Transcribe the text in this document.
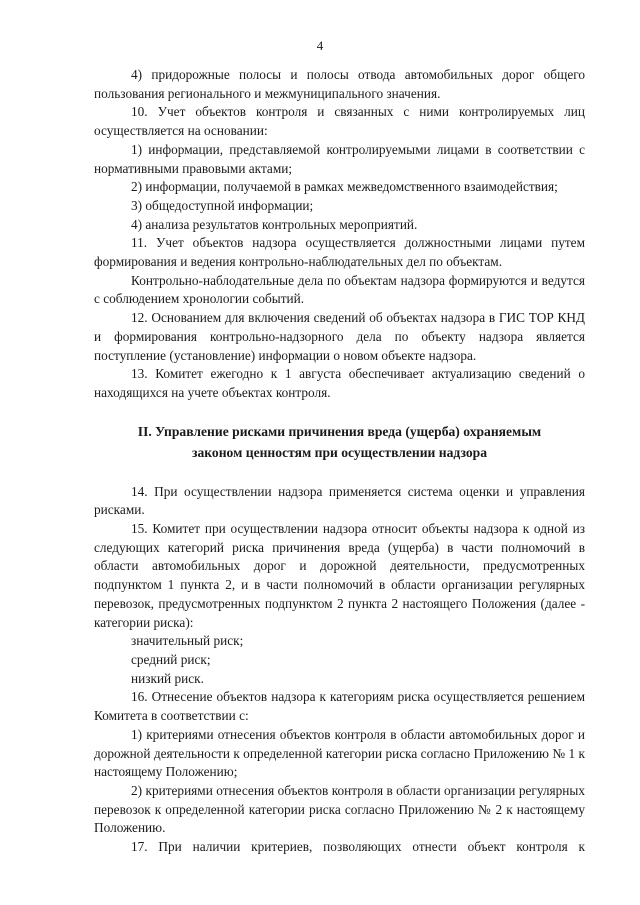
4

4) придорожные полосы и полосы отвода автомобильных дорог общего пользования регионального и межмуниципального значения.

10. Учет объектов контроля и связанных с ними контролируемых лиц осуществляется на основании:

1) информации, представляемой контролируемыми лицами в соответствии с нормативными правовыми актами;

2) информации, получаемой в рамках межведомственного взаимодействия;

3) общедоступной информации;

4) анализа результатов контрольных мероприятий.

11. Учет объектов надзора осуществляется должностными лицами путем формирования и ведения контрольно-наблюдательных дел по объектам.

Контрольно-наблодательные дела по объектам надзора формируются и ведутся с соблюдением хронологии событий.

12. Основанием для включения сведений об объектах надзора в ГИС ТОР КНД и формирования контрольно-надзорного дела по объекту надзора является поступление (установление) информации о новом объекте надзора.

13. Комитет ежегодно к 1 августа обеспечивает актуализацию сведений о находящихся на учете объектах контроля.

II. Управление рисками причинения вреда (ущерба) охраняемым

законом ценностям при осуществлении надзора

14. При осуществлении надзора применяется система оценки и управления рисками.

15. Комитет при осуществлении надзора относит объекты надзора к одной из следующих категорий риска причинения вреда (ущерба) в части полномочий в области автомобильных дорог и дорожной деятельности, предусмотренных подпунктом 1 пункта 2, и в части полномочий в области организации регулярных перевозок, предусмотренных подпунктом 2 пункта 2 настоящего Положения (далее - категории риска):

значительный риск;

средний риск;

низкий риск.

16. Отнесение объектов надзора к категориям риска осуществляется решением Комитета в соответствии с:

1) критериями отнесения объектов контроля в области автомобильных дорог и дорожной деятельности к определенной категории риска согласно Приложению № 1 к настоящему Положению;

2) критериями отнесения объектов контроля в области организации регулярных перевозок к определенной категории риска согласно Приложению № 2 к настоящему Положению.

17. При наличии критериев, позволяющих отнести объект контроля к
